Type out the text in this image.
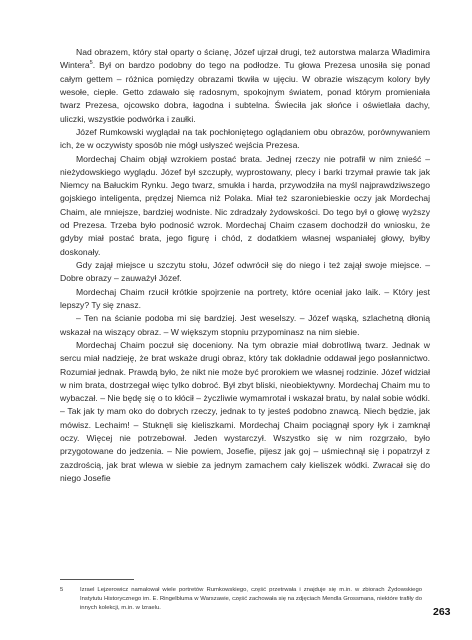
Nad obrazem, który stał oparty o ścianę, Józef ujrzał drugi, też autorstwa malarza Władimira Wintera$^5$. Był on bardzo podobny do tego na podłodze. Tu głowa Prezesa unosiła się ponad całym gettem – różnica pomiędzy obrazami tkwiła w ujęciu. W obrazie wiszącym kolory były wesołe, ciepłe. Getto zdawało się radosnym, spokojnym światem, ponad którym promieniała twarz Prezesa, ojcowsko dobra, łagodna i subtelna. Świeciła jak słońce i oświetlała dachy, uliczki, wszystkie podwórka i zaułki.

Józef Rumkowski wyglądał na tak pochłoniętego oglądaniem obu obrazów, porównywaniem ich, że w oczywisty sposób nie mógł usłyszeć wejścia Prezesa.

Mordechaj Chaim objął wzrokiem postać brata. Jednej rzeczy nie potrafił w nim znieść – nieżydowskiego wyglądu. Józef był szczupły, wyprostowany, plecy i barki trzymał prawie tak jak Niemcy na Bałuckim Rynku. Jego twarz, smukła i harda, przywodziła na myśl najprawdziwszego gojskiego inteligenta, prędzej Niemca niż Polaka. Miał też szaroniebieskie oczy jak Mordechaj Chaim, ale mniejsze, bardziej wodniste. Nic zdradzały żydowskości. Do tego był o głowę wyższy od Prezesa. Trzeba było podnosić wzrok. Mordechaj Chaim czasem dochodził do wniosku, że gdyby miał postać brata, jego figurę i chód, z dodatkiem własnej wspaniałej głowy, byłby doskonały.

Gdy zajął miejsce u szczytu stołu, Józef odwrócił się do niego i też zajął swoje miejsce. – Dobre obrazy – zauważył Józef.

Mordechaj Chaim rzucił krótkie spojrzenie na portrety, które oceniał jako laik. – Który jest lepszy? Ty się znasz.

– Ten na ścianie podoba mi się bardziej. Jest weselszy. – Józef wąską, szlachetną dłonią wskazał na wiszący obraz. – W większym stopniu przypominasz na nim siebie.

Mordechaj Chaim poczuł się doceniony. Na tym obrazie miał dobrotliwą twarz. Jednak w sercu miał nadzieję, że brat wskaże drugi obraz, który tak dokładnie oddawał jego posłannictwo. Rozumiał jednak. Prawdą było, że nikt nie może być prorokiem we własnej rodzinie. Józef widział w nim brata, dostrzegał więc tylko dobroć. Był zbyt bliski, nieobiektywny. Mordechaj Chaim mu to wybaczał. – Nie będę się o to kłócił – życzliwie wymamrotał i wskazał bratu, by nalał sobie wódki. – Tak jak ty mam oko do dobrych rzeczy, jednak to ty jesteś podobno znawcą. Niech będzie, jak mówisz. Lechaim! – Stuknęli się kieliszkami. Mordechaj Chaim pociągnął spory łyk i zamknął oczy. Więcej nie potrzebował. Jeden wystarczył. Wszystko się w nim rozgrzało, było przygotowane do jedzenia. – Nie powiem, Josefie, pijesz jak goj – uśmiechnął się i popatrzył z zazdrością, jak brat wlewa w siebie za jednym zamachem cały kieliszek wódki. Zwracał się do niego Josefie

5	Izrael Lejzerowicz namalował wiele portretów Rumkowskiego, część przetrwała i znajduje się m.in. w zbiorach Żydowskiego Instytutu Historycznego im. E. Ringelbluma w Warszawie, część zachowała się na zdjęciach Mendla Grossmana, niektóre trafiły do innych kolekcji, m.in. w Izraelu.	263
